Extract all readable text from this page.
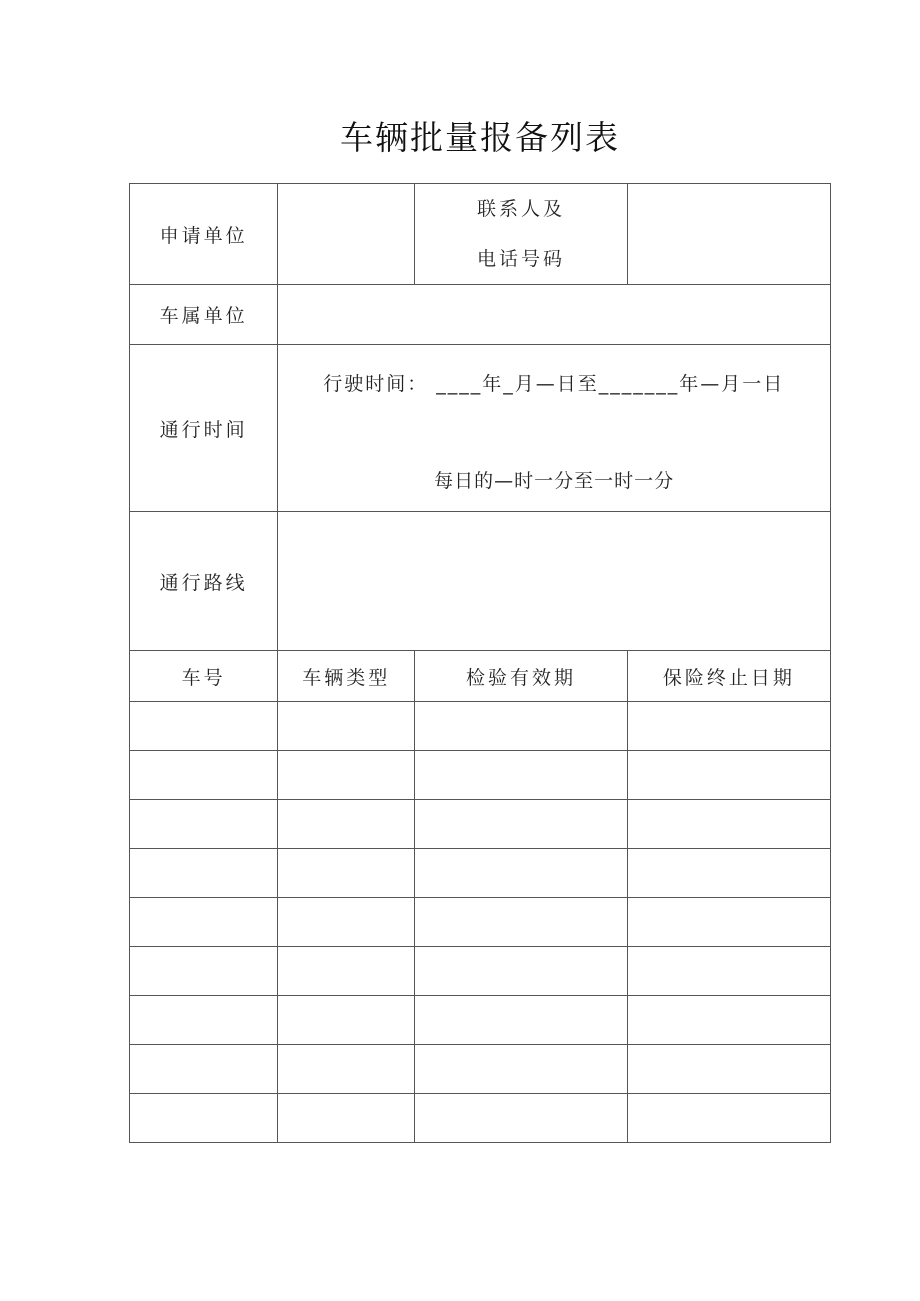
车辆批量报备列表
申请单位		联系人及
电话号码	

车属单位			
通行时间	行驶时间： ____年_月—日至_______年—月一日
每日的—时一分至一时一分		

通行路线			
车号	车辆类型	检验有效期	保险终止日期
